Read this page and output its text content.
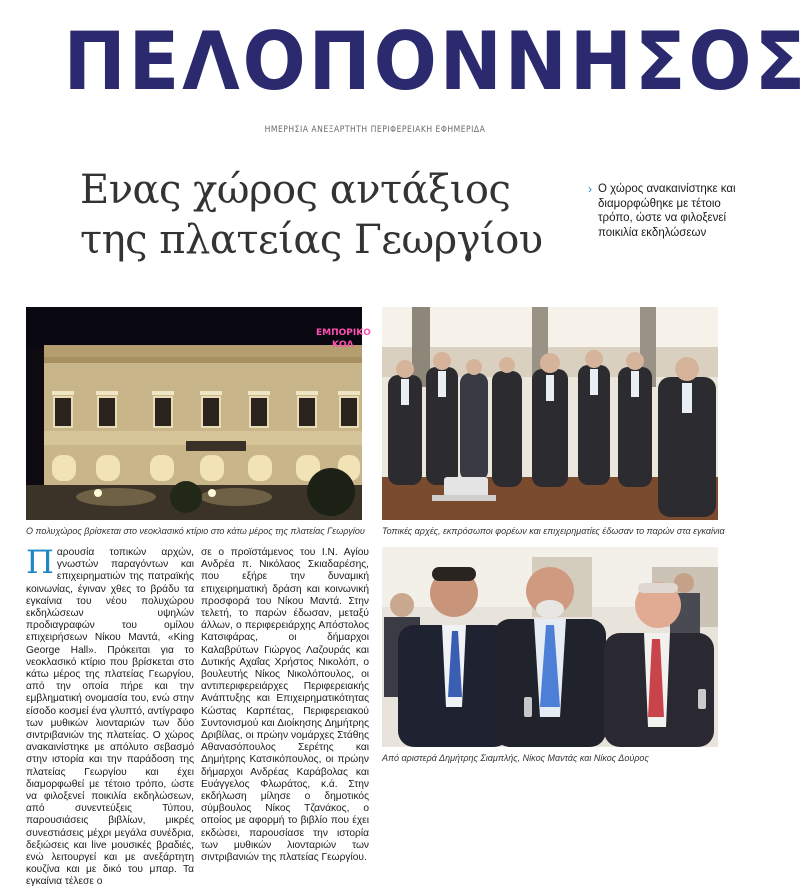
ΠΕΛΟΠΟΝΝΗΣΟΣ
ΗΜΕΡΗΣΙΑ ΑΝΕΞΑΡΤΗΤΗ ΠΕΡΙΦΕΡΕΙΑΚΗ ΕΦΗΜΕΡΙΔΑ
Ενας χώρος αντάξιος
της πλατείας Γεωργίου
› Ο χώρος ανακαινίστηκε και διαμορφώθηκε με τέτοιο τρόπο, ώστε να φιλοξενεί ποικιλία εκδηλώσεων

ΕΜΠΟΡΙΚΟ
ΚΟΛ

Ο πολυχώρος βρίσκεται στο νεοκλασικό κτίριο στο κάτω μέρος της πλατείας Γεωργίου Τοπικές αρχές, εκπρόσωποι φορέων και επιχειρηματίες έδωσαν το παρών στα εγκαίνια

Παρουσία τοπικών αρχών, γνωστών παραγόντων και επιχειρηματιών της πατραϊκής κοινωνίας, έγιναν χθες το βράδυ τα εγκαίνια του νέου πολυχώρου εκδηλώσεων υψηλών προδιαγραφών του ομίλου επιχειρήσεων Νίκου Μαντά, «King George Hall». Πρόκειται για το νεοκλασικό κτίριο που βρίσκεται στο κάτω μέρος της πλατείας Γεωργίου, από την οποία πήρε και την εμβληματική ονομασία του, ενώ στην είσοδο κοσμεί ένα γλυπτό, αντίγραφο των μυθικών λιονταριών των δύο σιντριβανιών της πλατείας. Ο χώρος ανακαινίστηκε με απόλυτο σεβασμό στην ιστορία και την παράδοση της πλατείας Γεωργίου και έχει διαμορφωθεί με τέτοιο τρόπο, ώστε να φιλοξενεί ποικιλία εκδηλώσεων, από συνεντεύξεις Τύπου, παρουσιάσεις βιβλίων, μικρές συνεστιάσεις μέχρι μεγάλα συνέδρια, δεξιώσεις και live μουσικές βραδιές, ενώ λειτουργεί και με ανεξάρτητη κουζίνα και με δικό του μπαρ. Τα εγκαίνια τέλεσε ο

σε ο προϊστάμενος του Ι.Ν. Αγίου Ανδρέα π. Νικόλαος Σκιαδαρέσης, που εξήρε την δυναμική επιχειρηματική δράση και κοινωνική προσφορά του Νίκου Μαντά. Στην τελετή, το παρών έδωσαν, μεταξύ άλλων, ο περιφερειάρχης Απόστολος Κατσιφάρας, οι δήμαρχοι Καλαβρύτων Γιώργος Λαζουράς και Δυτικής Αχαΐας Χρήστος Νικολόπ, ο βουλευτής Νίκος Νικολόπουλος, οι αντιπεριφερειάρχες Περιφερειακής Ανάπτυξης και Επιχειρηματικότητας Κώστας Καρπέτας, Περιφερειακού Συντονισμού και Διοίκησης Δημήτρης Δριβίλας, οι πρώην νομάρχες Στάθης Αθανασόπουλος Σερέτης και Δημήτρης Κατσικόπουλος, οι πρώην δήμαρχοι Ανδρέας Καράβολας και Ευάγγελος Φλωράτος, κ.ά. Στην εκδήλωση μίλησε ο δημοτικός σύμβουλος Νίκος Τζανάκος, ο οποίος με αφορμή το βιβλίο που έχει εκδώσει, παρουσίασε την ιστορία των μυθικών λιονταριών των σιντριβανιών της πλατείας Γεωργίου.

Από αριστερά Δημήτρης Σιαμπλής, Νίκος Μαντάς και Νίκος Δούρος
